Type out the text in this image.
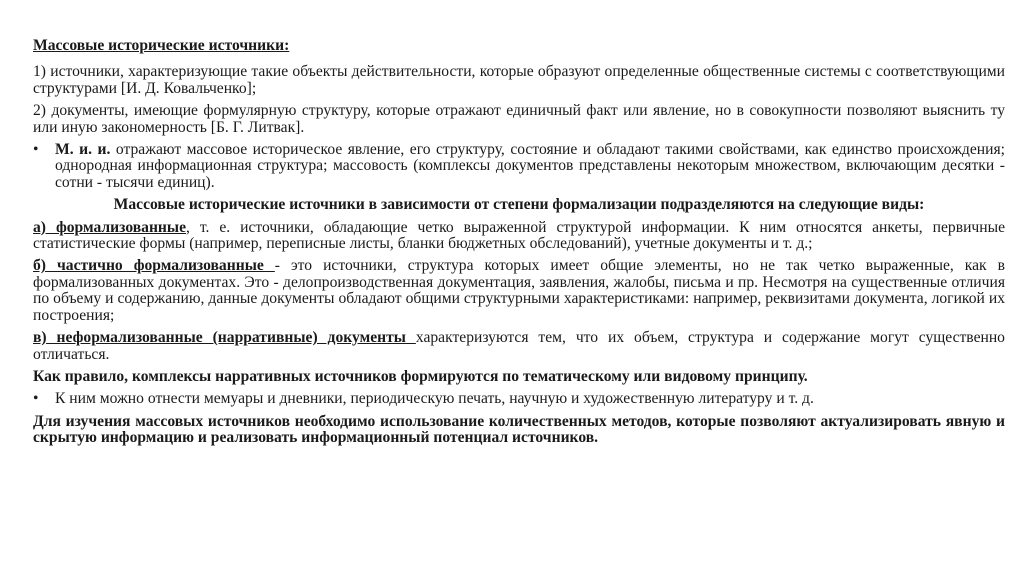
Массовые исторические источники:
1) источники, характеризующие такие объекты действительности, которые образуют определенные общественные системы с соответствующими структурами [И. Д. Ковальченко];
2) документы, имеющие формулярную структуру, которые отражают единичный факт или явление, но в совокупности позволяют выяснить ту или иную закономерность [Б. Г. Литвак].
•	М. и. и. отражают массовое историческое явление, его структуру, состояние и обладают такими свойствами, как единство происхождения; однородная информационная структура; массовость (комплексы документов представлены некоторым множеством, включающим десятки - сотни - тысячи единиц).
Массовые исторические источники в зависимости от степени формализации подразделяются на следующие виды:
а) формализованные, т. е. источники, обладающие четко выраженной структурой информации. К ним относятся анкеты, первичные статистические формы (например, переписные листы, бланки бюджетных обследований), учетные документы и т. д.;
б) частично формализованные - это источники, структура которых имеет общие элементы, но не так четко выраженные, как в формализованных документах. Это - делопроизводственная документация, заявления, жалобы, письма и пр. Несмотря на существенные отличия по объему и содержанию, данные документы обладают общими структурными характеристиками: например, реквизитами документа, логикой их построения;
в) неформализованные (нарративные) документы характеризуются тем, что их объем, структура и содержание могут существенно отличаться.
Как правило, комплексы нарративных источников формируются по тематическому или видовому принципу.
•	К ним можно отнести мемуары и дневники, периодическую печать, научную и художественную литературу и т. д.
Для изучения массовых источников необходимо использование количественных методов, которые позволяют актуализировать явную и скрытую информацию и реализовать информационный потенциал источников.
